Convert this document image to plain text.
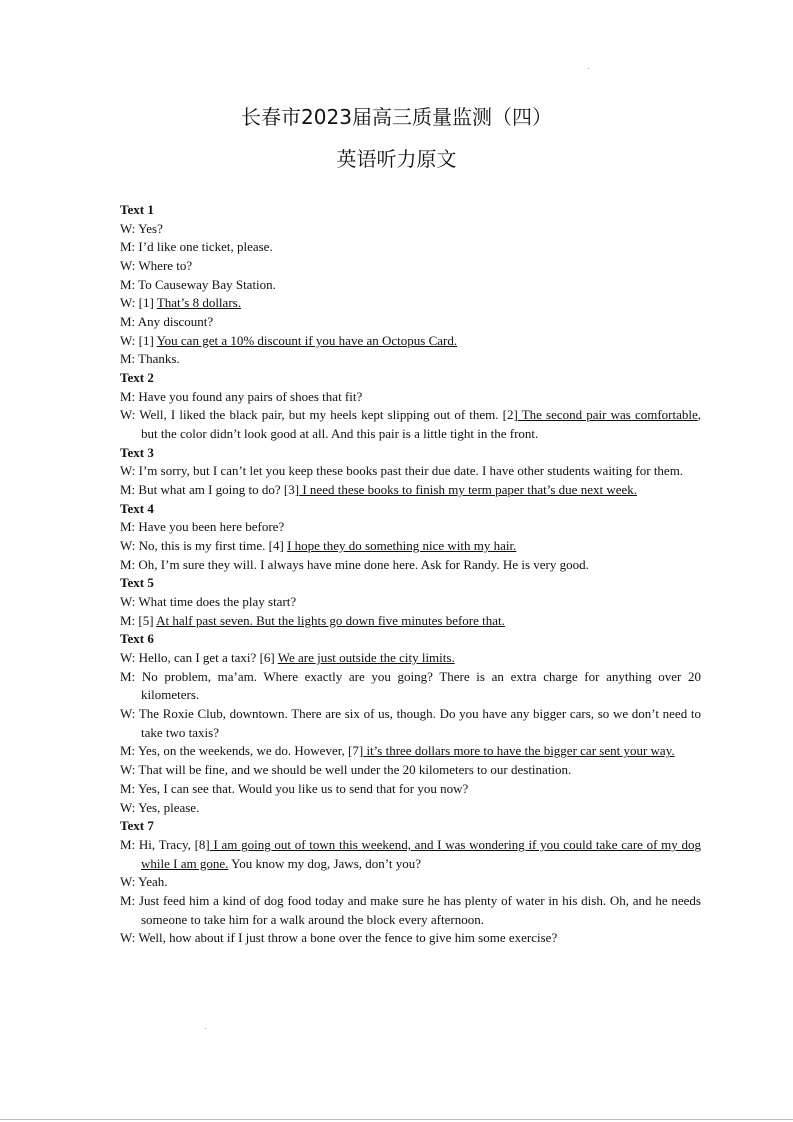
长春市2023届高三质量监测（四）
英语听力原文
Text 1
W: Yes?
M: I’d like one ticket, please.
W: Where to?
M: To Causeway Bay Station.
W: [1] That’s 8 dollars.
M: Any discount?
W: [1] You can get a 10% discount if you have an Octopus Card.
M: Thanks.
Text 2
M: Have you found any pairs of shoes that fit?
W: Well, I liked the black pair, but my heels kept slipping out of them. [2] The second pair was comfortable, but the color didn’t look good at all. And this pair is a little tight in the front.
Text 3
W: I’m sorry, but I can’t let you keep these books past their due date. I have other students waiting for them.
M: But what am I going to do? [3] I need these books to finish my term paper that’s due next week.
Text 4
M: Have you been here before?
W: No, this is my first time. [4] I hope they do something nice with my hair.
M: Oh, I’m sure they will. I always have mine done here. Ask for Randy. He is very good.
Text 5
W: What time does the play start?
M: [5] At half past seven. But the lights go down five minutes before that.
Text 6
W: Hello, can I get a taxi? [6] We are just outside the city limits.
M: No problem, ma’am. Where exactly are you going? There is an extra charge for anything over 20 kilometers.
W: The Roxie Club, downtown. There are six of us, though. Do you have any bigger cars, so we don’t need to take two taxis?
M: Yes, on the weekends, we do. However, [7] it’s three dollars more to have the bigger car sent your way.
W: That will be fine, and we should be well under the 20 kilometers to our destination.
M: Yes, I can see that. Would you like us to send that for you now?
W: Yes, please.
Text 7
M: Hi, Tracy, [8] I am going out of town this weekend, and I was wondering if you could take care of my dog while I am gone. You know my dog, Jaws, don’t you?
W: Yeah.
M: Just feed him a kind of dog food today and make sure he has plenty of water in his dish. Oh, and he needs someone to take him for a walk around the block every afternoon.
W: Well, how about if I just throw a bone over the fence to give him some exercise?
